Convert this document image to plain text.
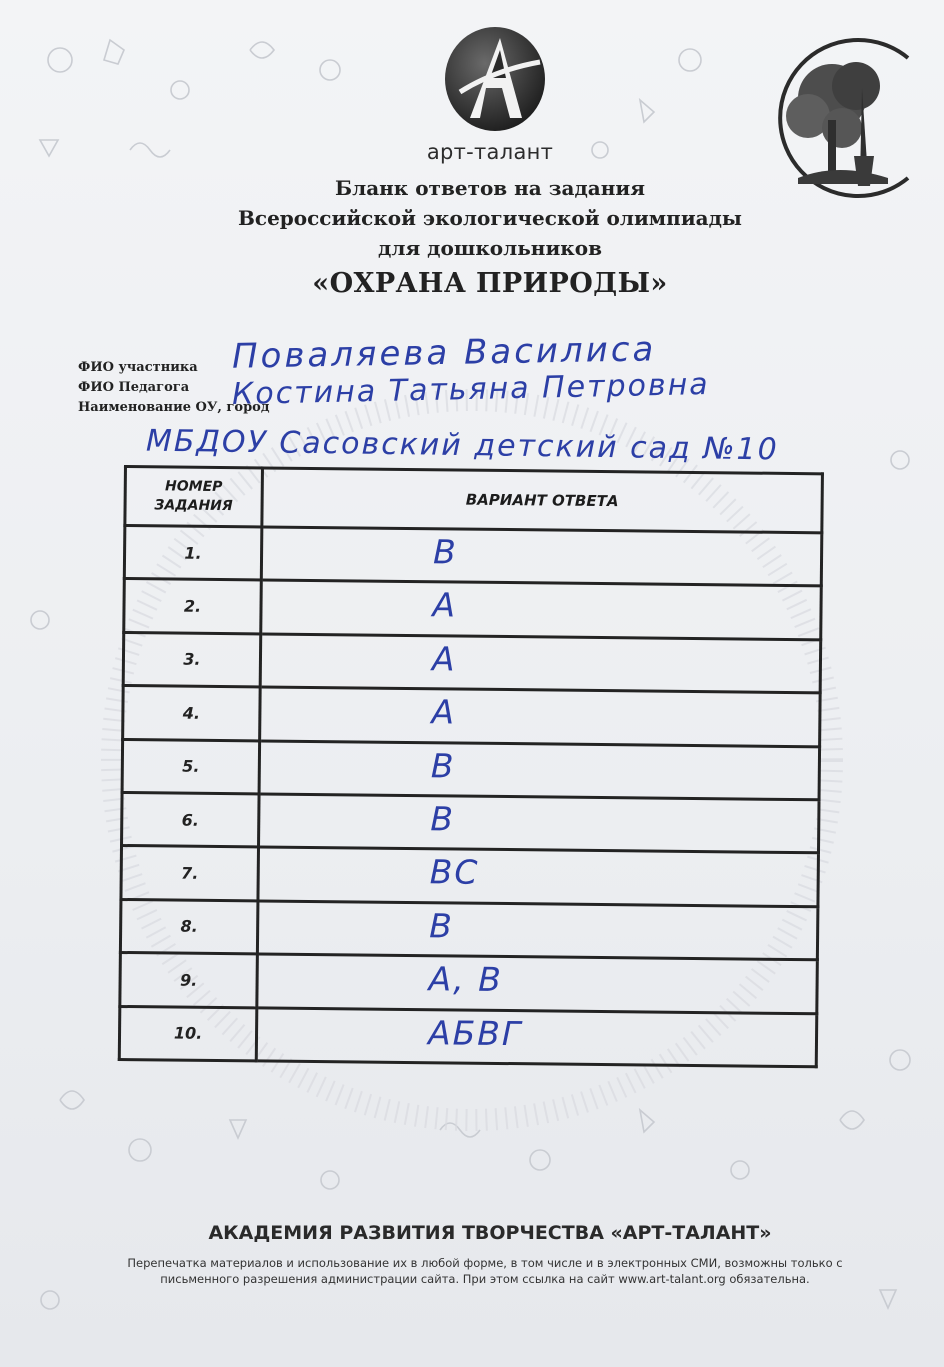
арт-талант
Бланк ответов на задания
Всероссийской экологической олимпиады
для дошкольников
«ОХРАНА ПРИРОДЫ»
ФИО участника
ФИО Педагога
Наименование ОУ, город
Поваляева Василиса
Костина Татьяна Петровна
МБДОУ Сасовский детский сад №10
НОМЕР
ЗАДАНИЯ	ВАРИАНТ ОТВЕТА
1.	В

2.	А

3.	А

4.	А

5.	В

6.	В

7.	ВС

8.	В

9.	А, В

10.	АБВГ
АКАДЕМИЯ РАЗВИТИЯ ТВОРЧЕСТВА «АРТ-ТАЛАНТ»
Перепечатка материалов и использование их в любой форме, в том числе и в электронных СМИ, возможны только с
письменного разрешения администрации сайта. При этом ссылка на сайт www.art-talant.org обязательна.
